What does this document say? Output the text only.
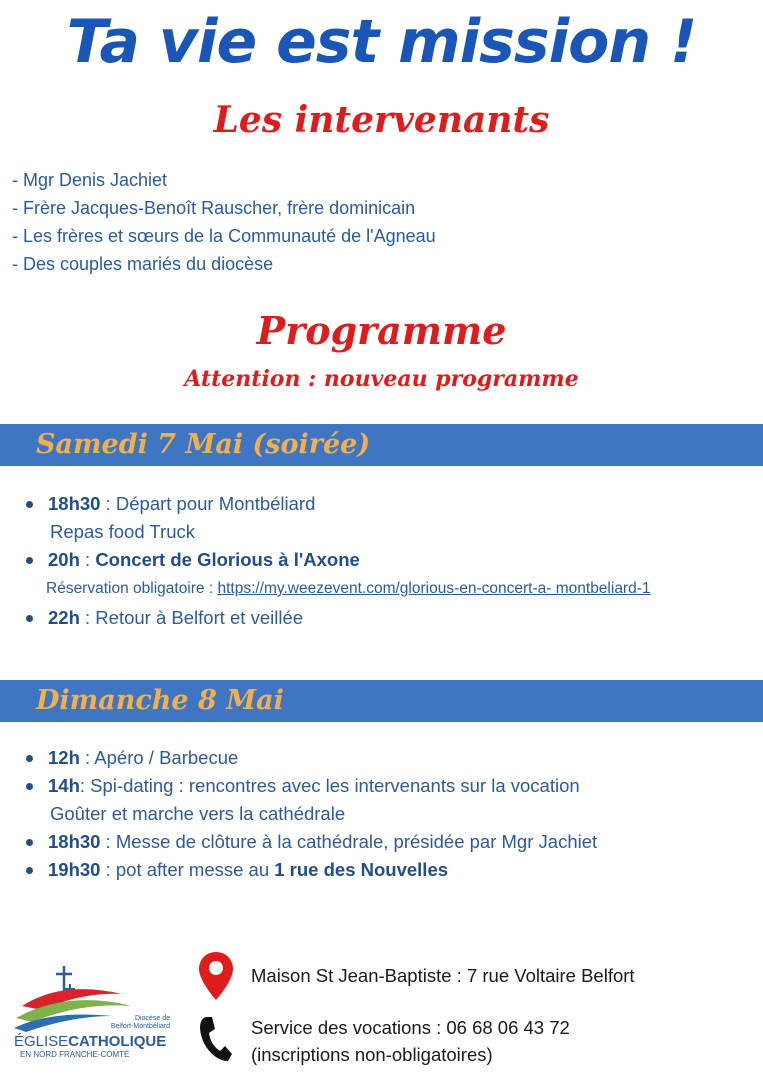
Ta vie est mission !
Les intervenants
- Mgr Denis Jachiet
- Frère Jacques-Benoît Rauscher, frère dominicain
- Les frères et sœurs de la Communauté de l'Agneau
- Des couples mariés du diocèse
Programme
Attention : nouveau programme
Samedi 7 Mai (soirée)
18h30 : Départ pour Montbéliard
Repas food Truck
20h : Concert de Glorious à l'Axone
Réservation obligatoire : https://my.weezevent.com/glorious-en-concert-a- montbeliard-1
22h : Retour à Belfort et veillée
Dimanche 8 Mai
12h : Apéro / Barbecue
14h: Spi-dating : rencontres avec les intervenants sur la vocation
Goûter et marche vers la cathédrale
18h30 : Messe de clôture à la cathédrale, présidée par Mgr Jachiet
19h30 : pot after messe au 1 rue des Nouvelles
Diocèse de
Belfort-Montbéliard
ÉGLISECATHOLIQUE
EN NORD FRANCHE-COMTÉ
Maison St Jean-Baptiste : 7 rue Voltaire Belfort
Service des vocations : 06 68 06 43 72
(inscriptions non-obligatoires)
